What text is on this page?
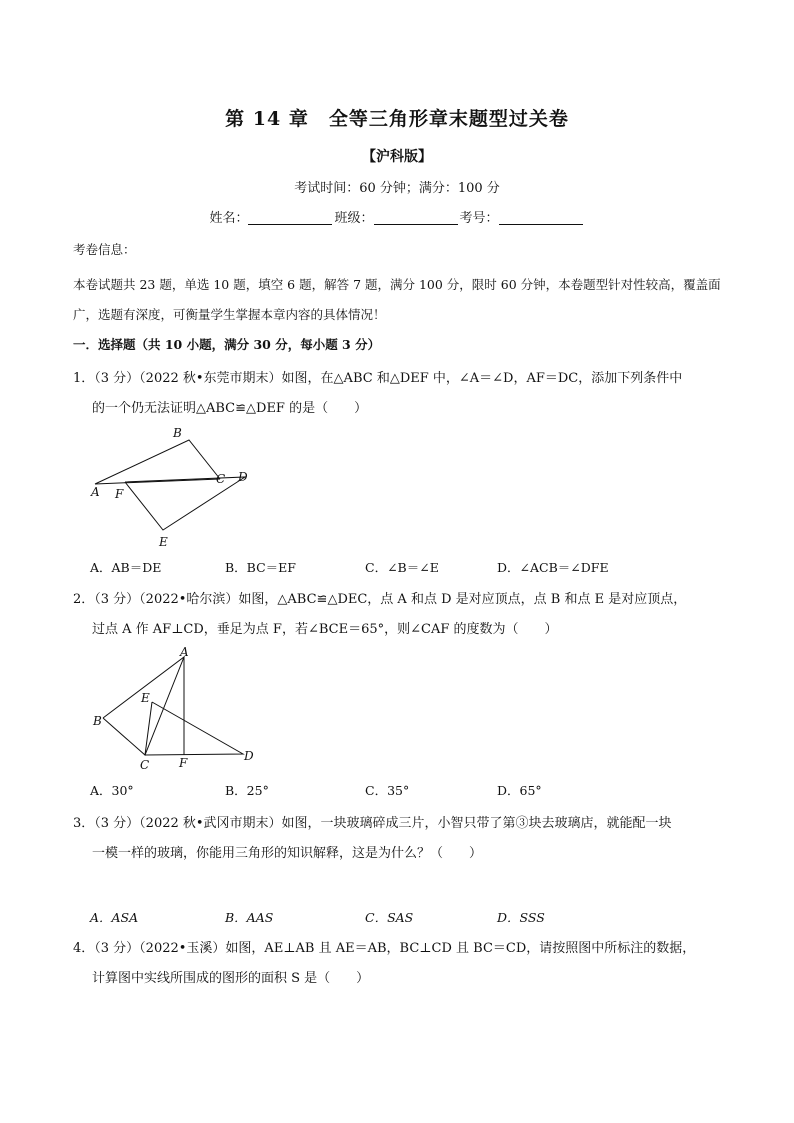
第 14 章　全等三角形章末题型过关卷
【沪科版】
考试时间：60 分钟；满分：100 分
姓名：	班级：	考号：
考卷信息：
本卷试题共 23 题，单选 10 题，填空 6 题，解答 7 题，满分 100 分，限时 60 分钟，本卷题型针对性较高，覆盖面广，选题有深度，可衡量学生掌握本章内容的具体情况！
一．选择题（共 10 小题，满分 30 分，每小题 3 分）
1．（3 分）（2022 秋•东莞市期末）如图，在△ABC 和△DEF 中，∠A＝∠D，AF＝DC，添加下列条件中
的一个仍无法证明△ABC≌△DEF 的是（　　）
B
A F
C D
E
A．AB＝DE	B．BC＝EF	C．∠B＝∠E	D．∠ACB＝∠DFE
2．（3 分）（2022•哈尔滨）如图，△ABC≌△DEC，点 A 和点 D 是对应顶点，点 B 和点 E 是对应顶点，
过点 A 作 AF⊥CD，垂足为点 F，若∠BCE＝65°，则∠CAF 的度数为（　　）
A
B
E
C F	D
A．30°	B．25°	C．35°	D．65°
3．（3 分）（2022 秋•武冈市期末）如图，一块玻璃碎成三片，小智只带了第③块去玻璃店，就能配一块
一模一样的玻璃，你能用三角形的知识解释，这是为什么？（　　）
A．ASA	B．AAS	C．SAS	D．SSS
4．（3 分）（2022•玉溪）如图，AE⊥AB 且 AE＝AB，BC⊥CD 且 BC＝CD，请按照图中所标注的数据，
计算图中实线所围成的图形的面积 S 是（　　）
